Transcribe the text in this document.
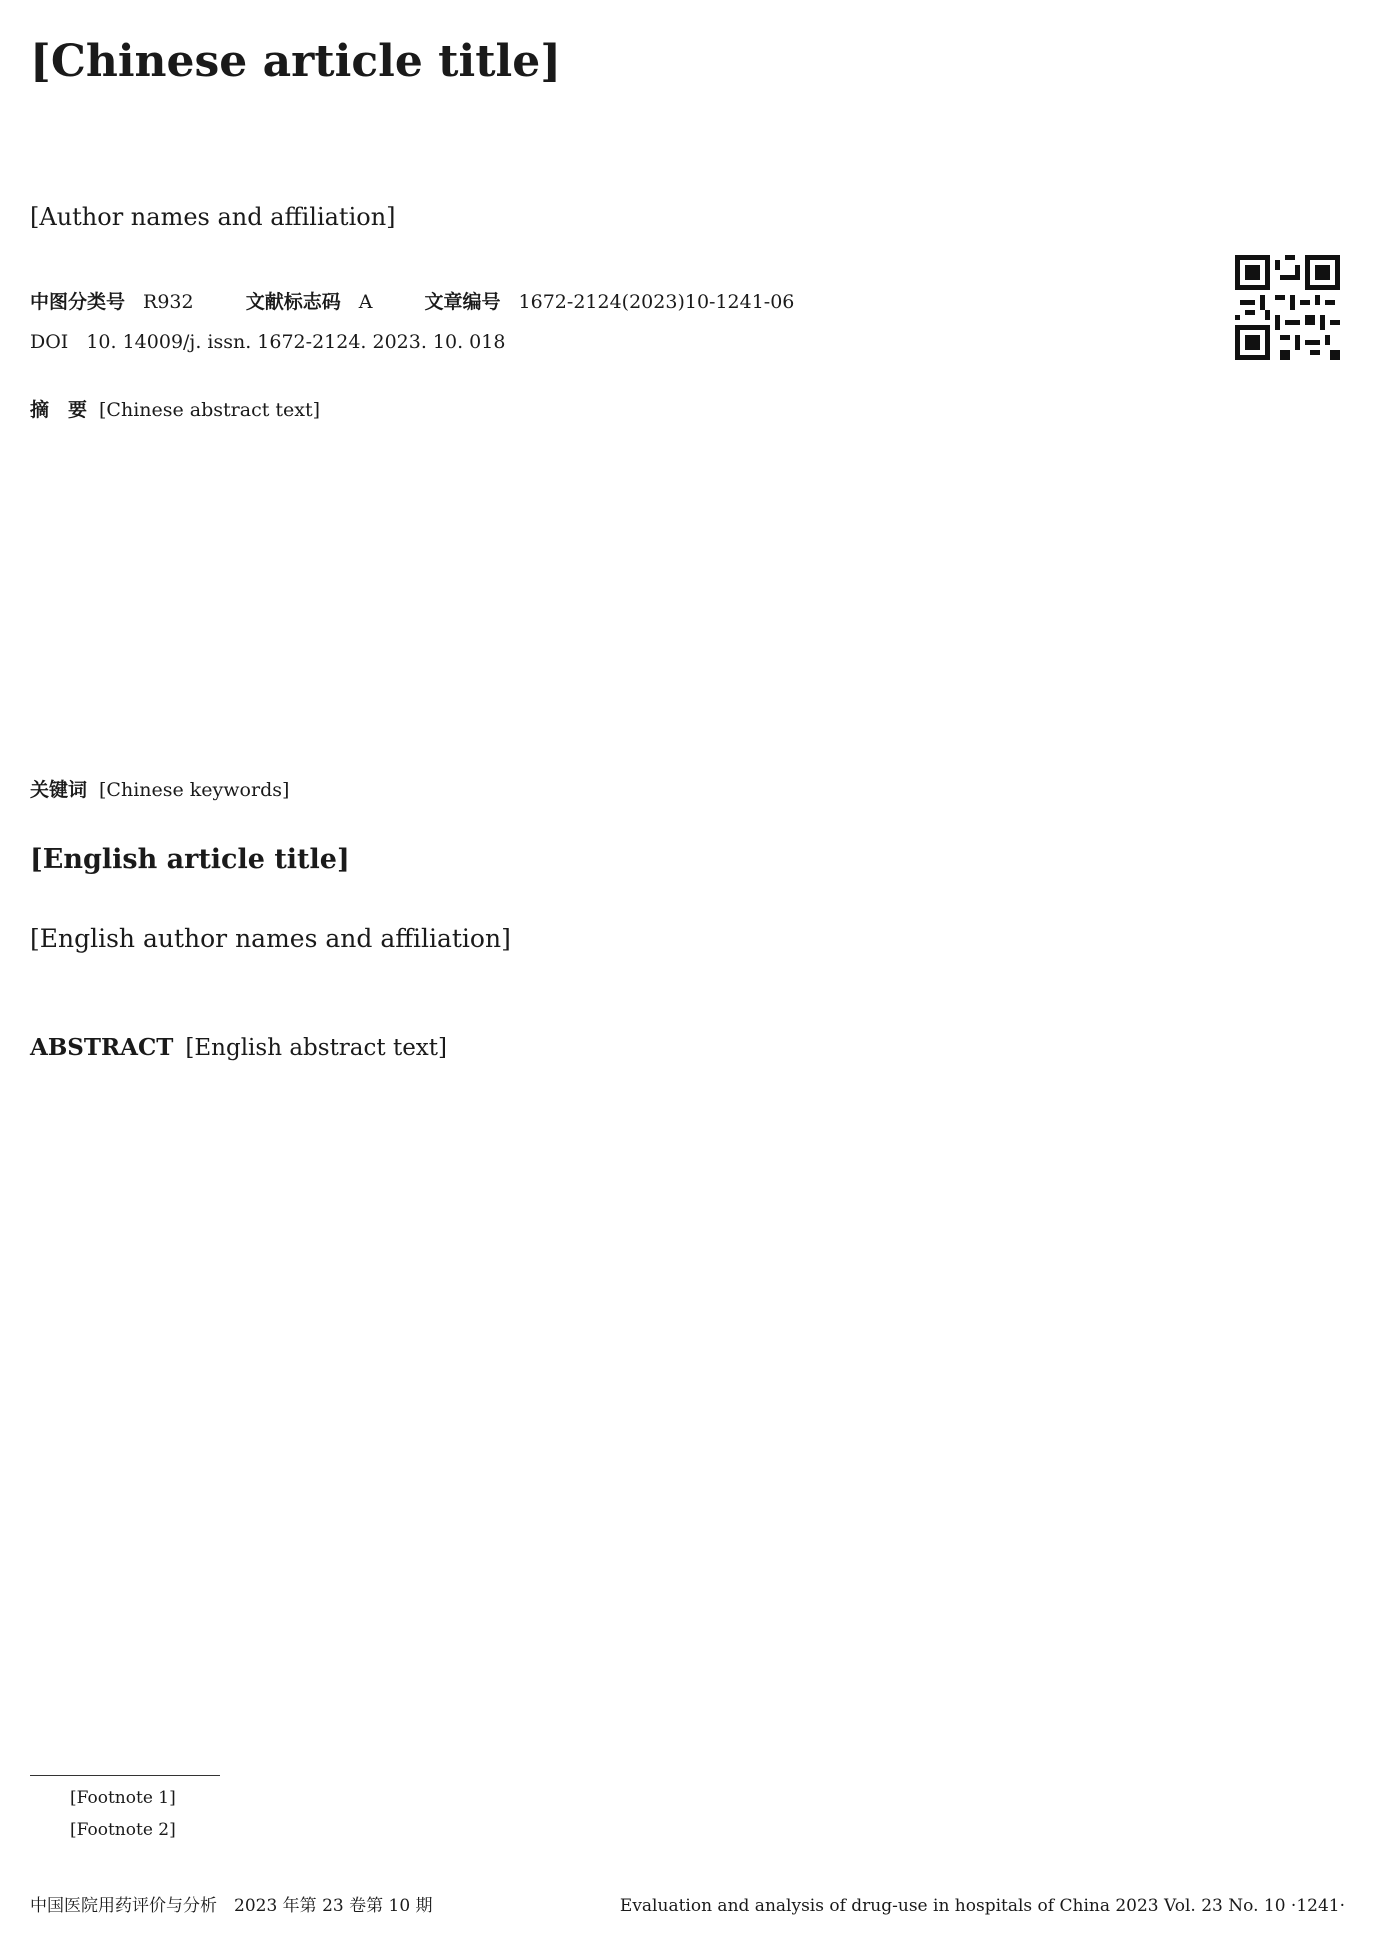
[Chinese article title]
[Author names and affiliation]
中图分类号 R932	文献标志码 A	文章编号 1672-2124(2023)10-1241-06
DOI 10. 14009/j. issn. 1672-2124. 2023. 10. 018
摘　要 [Chinese abstract text]
关键词 [Chinese keywords]
[English article title]
[English author names and affiliation]
ABSTRACT [English abstract text]
[Footnote 1]
[Footnote 2]
中国医院用药评价与分析　2023 年第 23 卷第 10 期	Evaluation and analysis of drug-use in hospitals of China 2023 Vol. 23 No. 10 ·1241·
